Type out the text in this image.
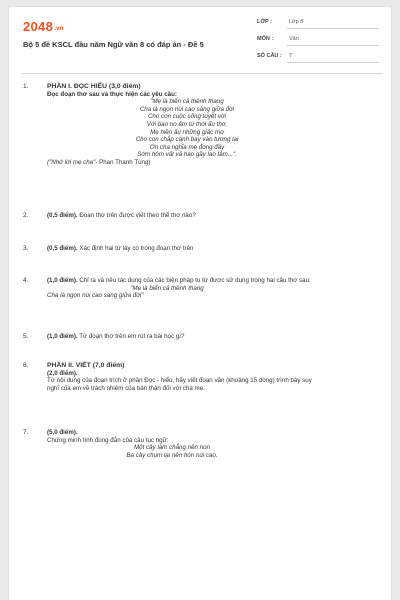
2048.vn
Bộ 5 đề KSCL đầu năm Ngữ văn 8 có đáp án - Đề 5
LỚP :	Lớp 8
MÔN :	Văn
SỐ CÂU :	7
1.	PHẦN I. ĐỌC HIỂU (3,0 điểm)
Đọc đoạn thơ sau và thực hiện các yêu cầu:
"Mẹ là biển cả thênh thang
Cha là ngọn núi cao sang giữa đời
Cho con cuộc sống tuyệt vời
Với bao no ấm từ thời ấu thơ.
Mẹ hiền ấu những giấc mơ
Cho con chắp cánh bay vào tương lai
Ơn cha nghĩa mẹ đong đầy
Sớm hôm vất vả hao gầy lao tâm...".
("Nhớ lời mẹ cha"- Phan Thanh Tùng)
2.	(0,5 điểm). Đoạn thơ trên được viết theo thể thơ nào?
3.	(0,5 điểm). Xác định hai từ láy có trong đoạn thơ trên
4.	(1,0 điểm). Chỉ ra và nêu tác dụng của các biện pháp tu từ được sử dụng trong hai câu thơ sau:
"Mẹ là biển cả thênh thang
Cha là ngọn núi cao sang giữa đời"
5.	(1,0 điểm). Từ đoạn thơ trên em rút ra bài học gì?
6.	PHẦN II. VIẾT (7,0 điểm)
(2,0 điểm).
Từ nội dung của đoạn trích ở phần Đọc - hiểu, hãy viết đoạn văn (khoảng 15 dòng) trình bày suy
nghĩ của em về trách nhiệm của bản thân đối với cha mẹ.
7.	(5,0 điểm).
Chứng minh tính đúng đắn của câu tục ngữ:
Một cây làm chẳng nên non
Ba cây chụm lại nên hòn núi cao.
